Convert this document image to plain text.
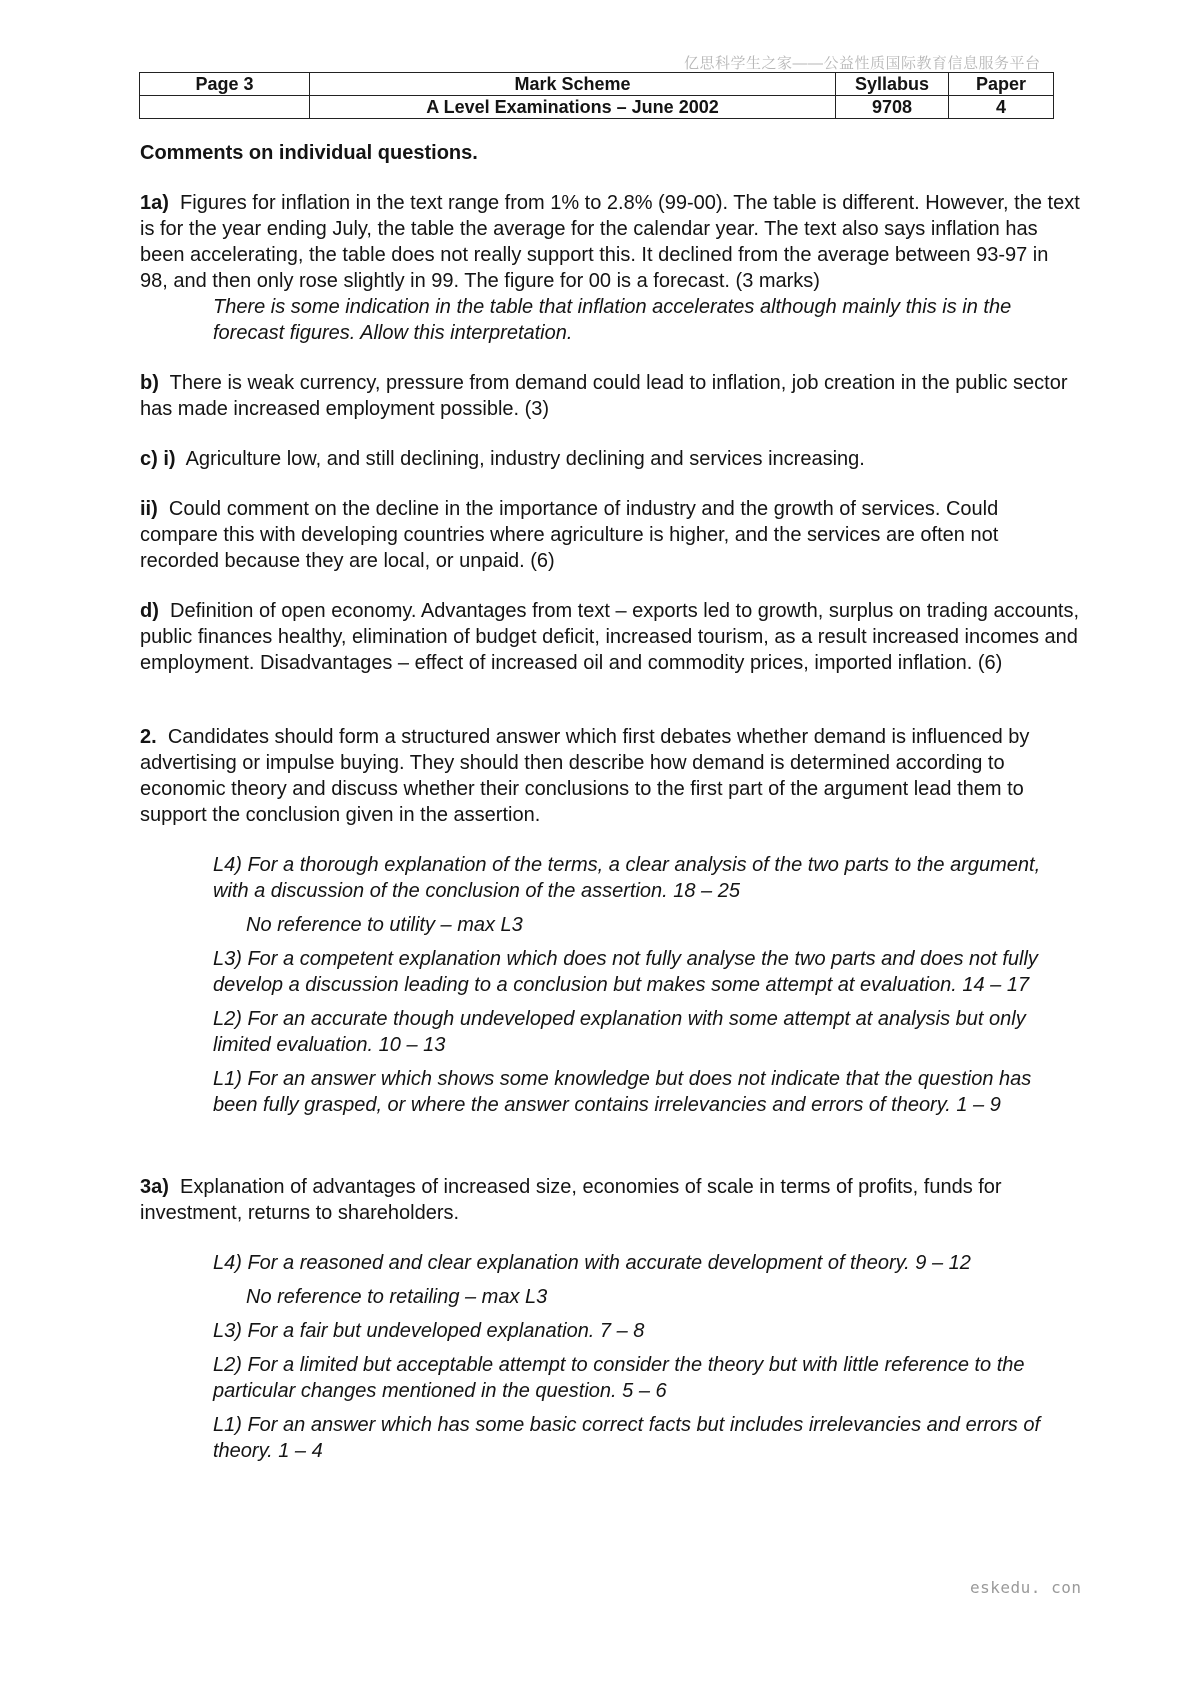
亿思科学生之家——公益性质国际教育信息服务平台
Page 3	Mark Scheme	Syllabus	Paper
	A Level Examinations – June 2002	9708	4

Comments on individual questions.

1a) Figures for inflation in the text range from 1% to 2.8% (99-00). The table is different. However, the text is for the year ending July, the table the average for the calendar year. The text also says inflation has been accelerating, the table does not really support this. It declined from the average between 93-97 in 98, and then only rose slightly in 99. The figure for 00 is a forecast. (3 marks)

There is some indication in the table that inflation accelerates although mainly this is in the forecast figures. Allow this interpretation.

b) There is weak currency, pressure from demand could lead to inflation, job creation in the public sector has made increased employment possible. (3)

c) i) Agriculture low, and still declining, industry declining and services increasing.

ii) Could comment on the decline in the importance of industry and the growth of services. Could compare this with developing countries where agriculture is higher, and the services are often not recorded because they are local, or unpaid. (6)

d) Definition of open economy. Advantages from text – exports led to growth, surplus on trading accounts, public finances healthy, elimination of budget deficit, increased tourism, as a result increased incomes and employment. Disadvantages – effect of increased oil and commodity prices, imported inflation. (6)

2. Candidates should form a structured answer which first debates whether demand is influenced by advertising or impulse buying. They should then describe how demand is determined according to economic theory and discuss whether their conclusions to the first part of the argument lead them to support the conclusion given in the assertion.

L4) For a thorough explanation of the terms, a clear analysis of the two parts to the argument, with a discussion of the conclusion of the assertion. 18 – 25

No reference to utility – max L3

L3) For a competent explanation which does not fully analyse the two parts and does not fully develop a discussion leading to a conclusion but makes some attempt at evaluation. 14 – 17

L2) For an accurate though undeveloped explanation with some attempt at analysis but only limited evaluation. 10 – 13

L1) For an answer which shows some knowledge but does not indicate that the question has been fully grasped, or where the answer contains irrelevancies and errors of theory. 1 – 9

3a) Explanation of advantages of increased size, economies of scale in terms of profits, funds for investment, returns to shareholders.

L4) For a reasoned and clear explanation with accurate development of theory. 9 – 12

No reference to retailing – max L3

L3) For a fair but undeveloped explanation. 7 – 8

L2) For a limited but acceptable attempt to consider the theory but with little reference to the particular changes mentioned in the question. 5 – 6

L1) For an answer which has some basic correct facts but includes irrelevancies and errors of theory. 1 – 4

eskedu. con
